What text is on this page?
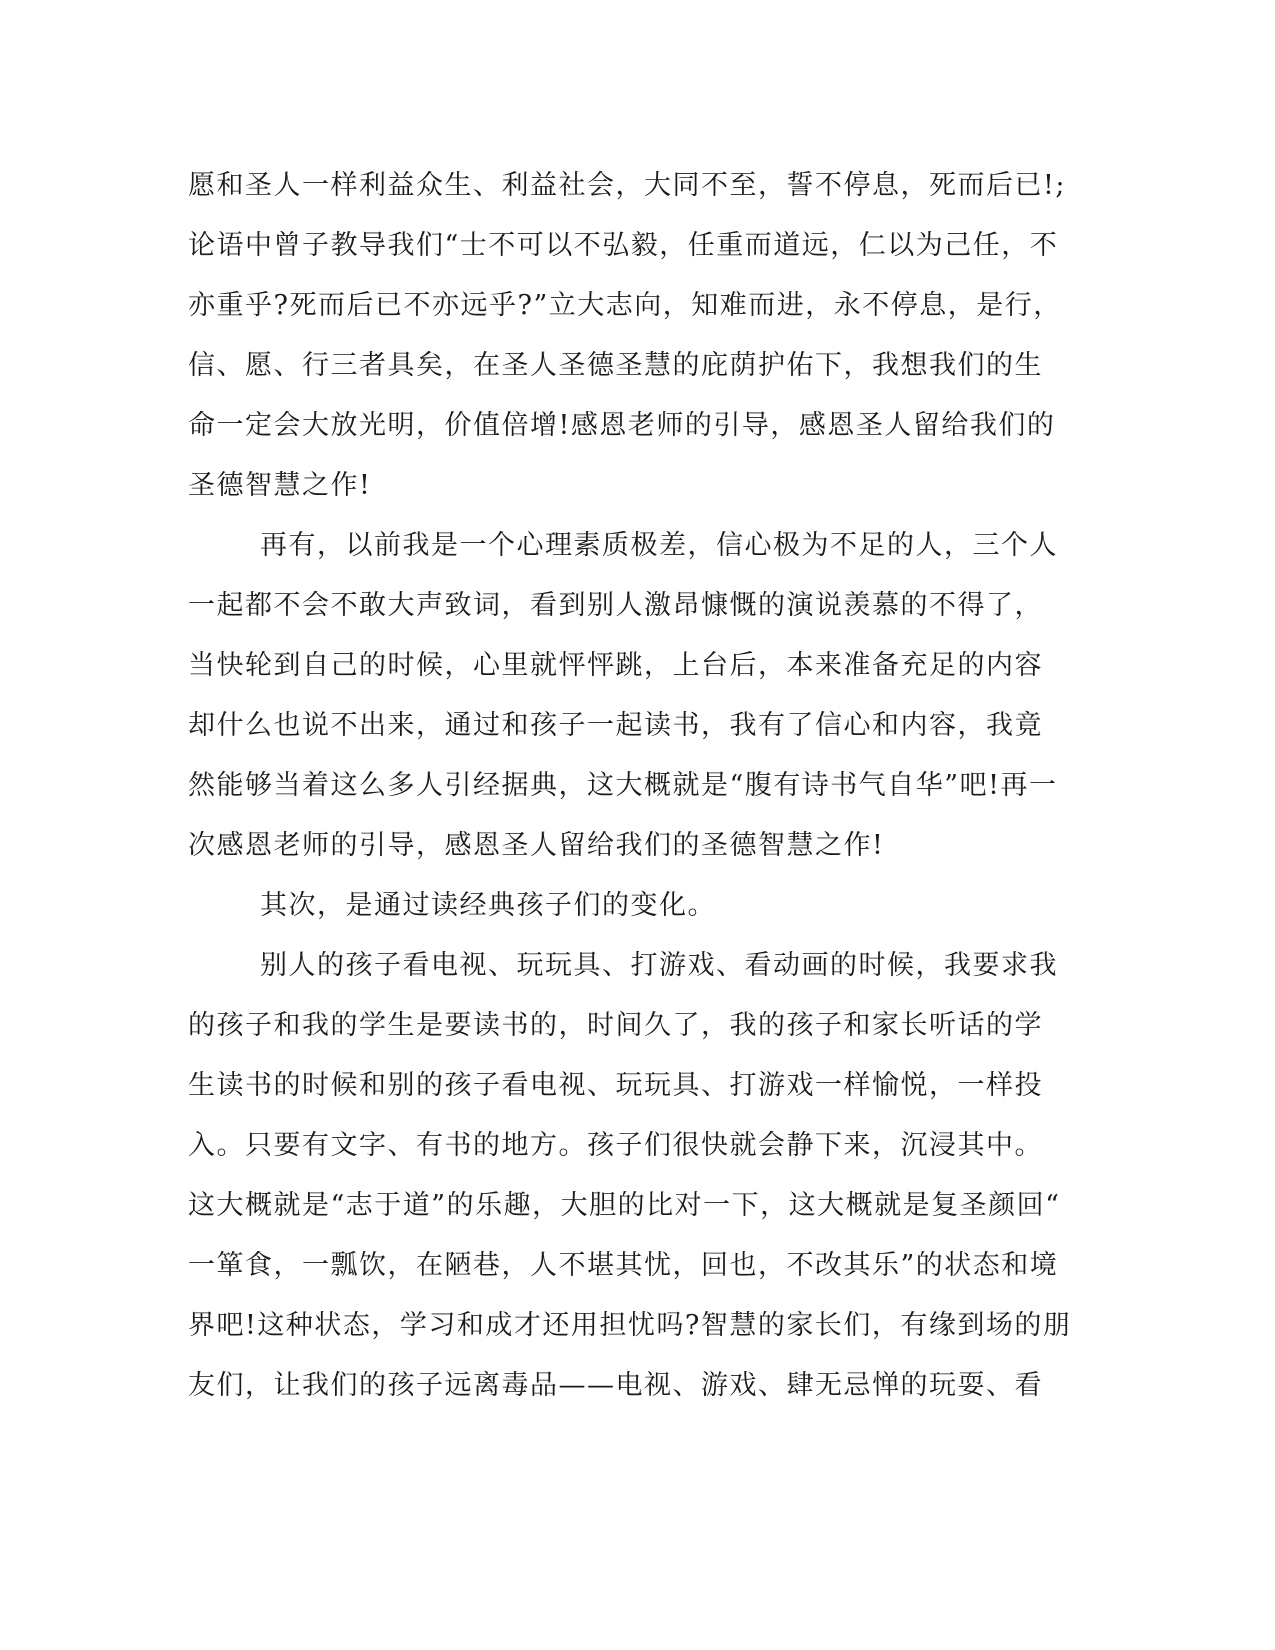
愿和圣人一样利益众生、利益社会，大同不至，誓不停息，死而后已!;
论语中曾子教导我们“士不可以不弘毅，任重而道远，仁以为己任，不
亦重乎?死而后已不亦远乎?”立大志向，知难而进，永不停息，是行，
信、愿、行三者具矣，在圣人圣德圣慧的庇荫护佑下，我想我们的生
命一定会大放光明，价值倍增!感恩老师的引导，感恩圣人留给我们的
圣德智慧之作!
再有，以前我是一个心理素质极差，信心极为不足的人，三个人
一起都不会不敢大声致词，看到别人激昂慷慨的演说羡慕的不得了，
当快轮到自己的时候，心里就怦怦跳，上台后，本来准备充足的内容
却什么也说不出来，通过和孩子一起读书，我有了信心和内容，我竟
然能够当着这么多人引经据典，这大概就是“腹有诗书气自华”吧!再一
次感恩老师的引导，感恩圣人留给我们的圣德智慧之作!
其次，是通过读经典孩子们的变化。
别人的孩子看电视、玩玩具、打游戏、看动画的时候，我要求我
的孩子和我的学生是要读书的，时间久了，我的孩子和家长听话的学
生读书的时候和别的孩子看电视、玩玩具、打游戏一样愉悦，一样投
入。只要有文字、有书的地方。孩子们很快就会静下来，沉浸其中。
这大概就是“志于道”的乐趣，大胆的比对一下，这大概就是复圣颜回“
一箪食，一瓢饮，在陋巷，人不堪其忧，回也，不改其乐”的状态和境
界吧!这种状态，学习和成才还用担忧吗?智慧的家长们，有缘到场的朋
友们，让我们的孩子远离毒品——电视、游戏、肆无忌惮的玩耍、看
